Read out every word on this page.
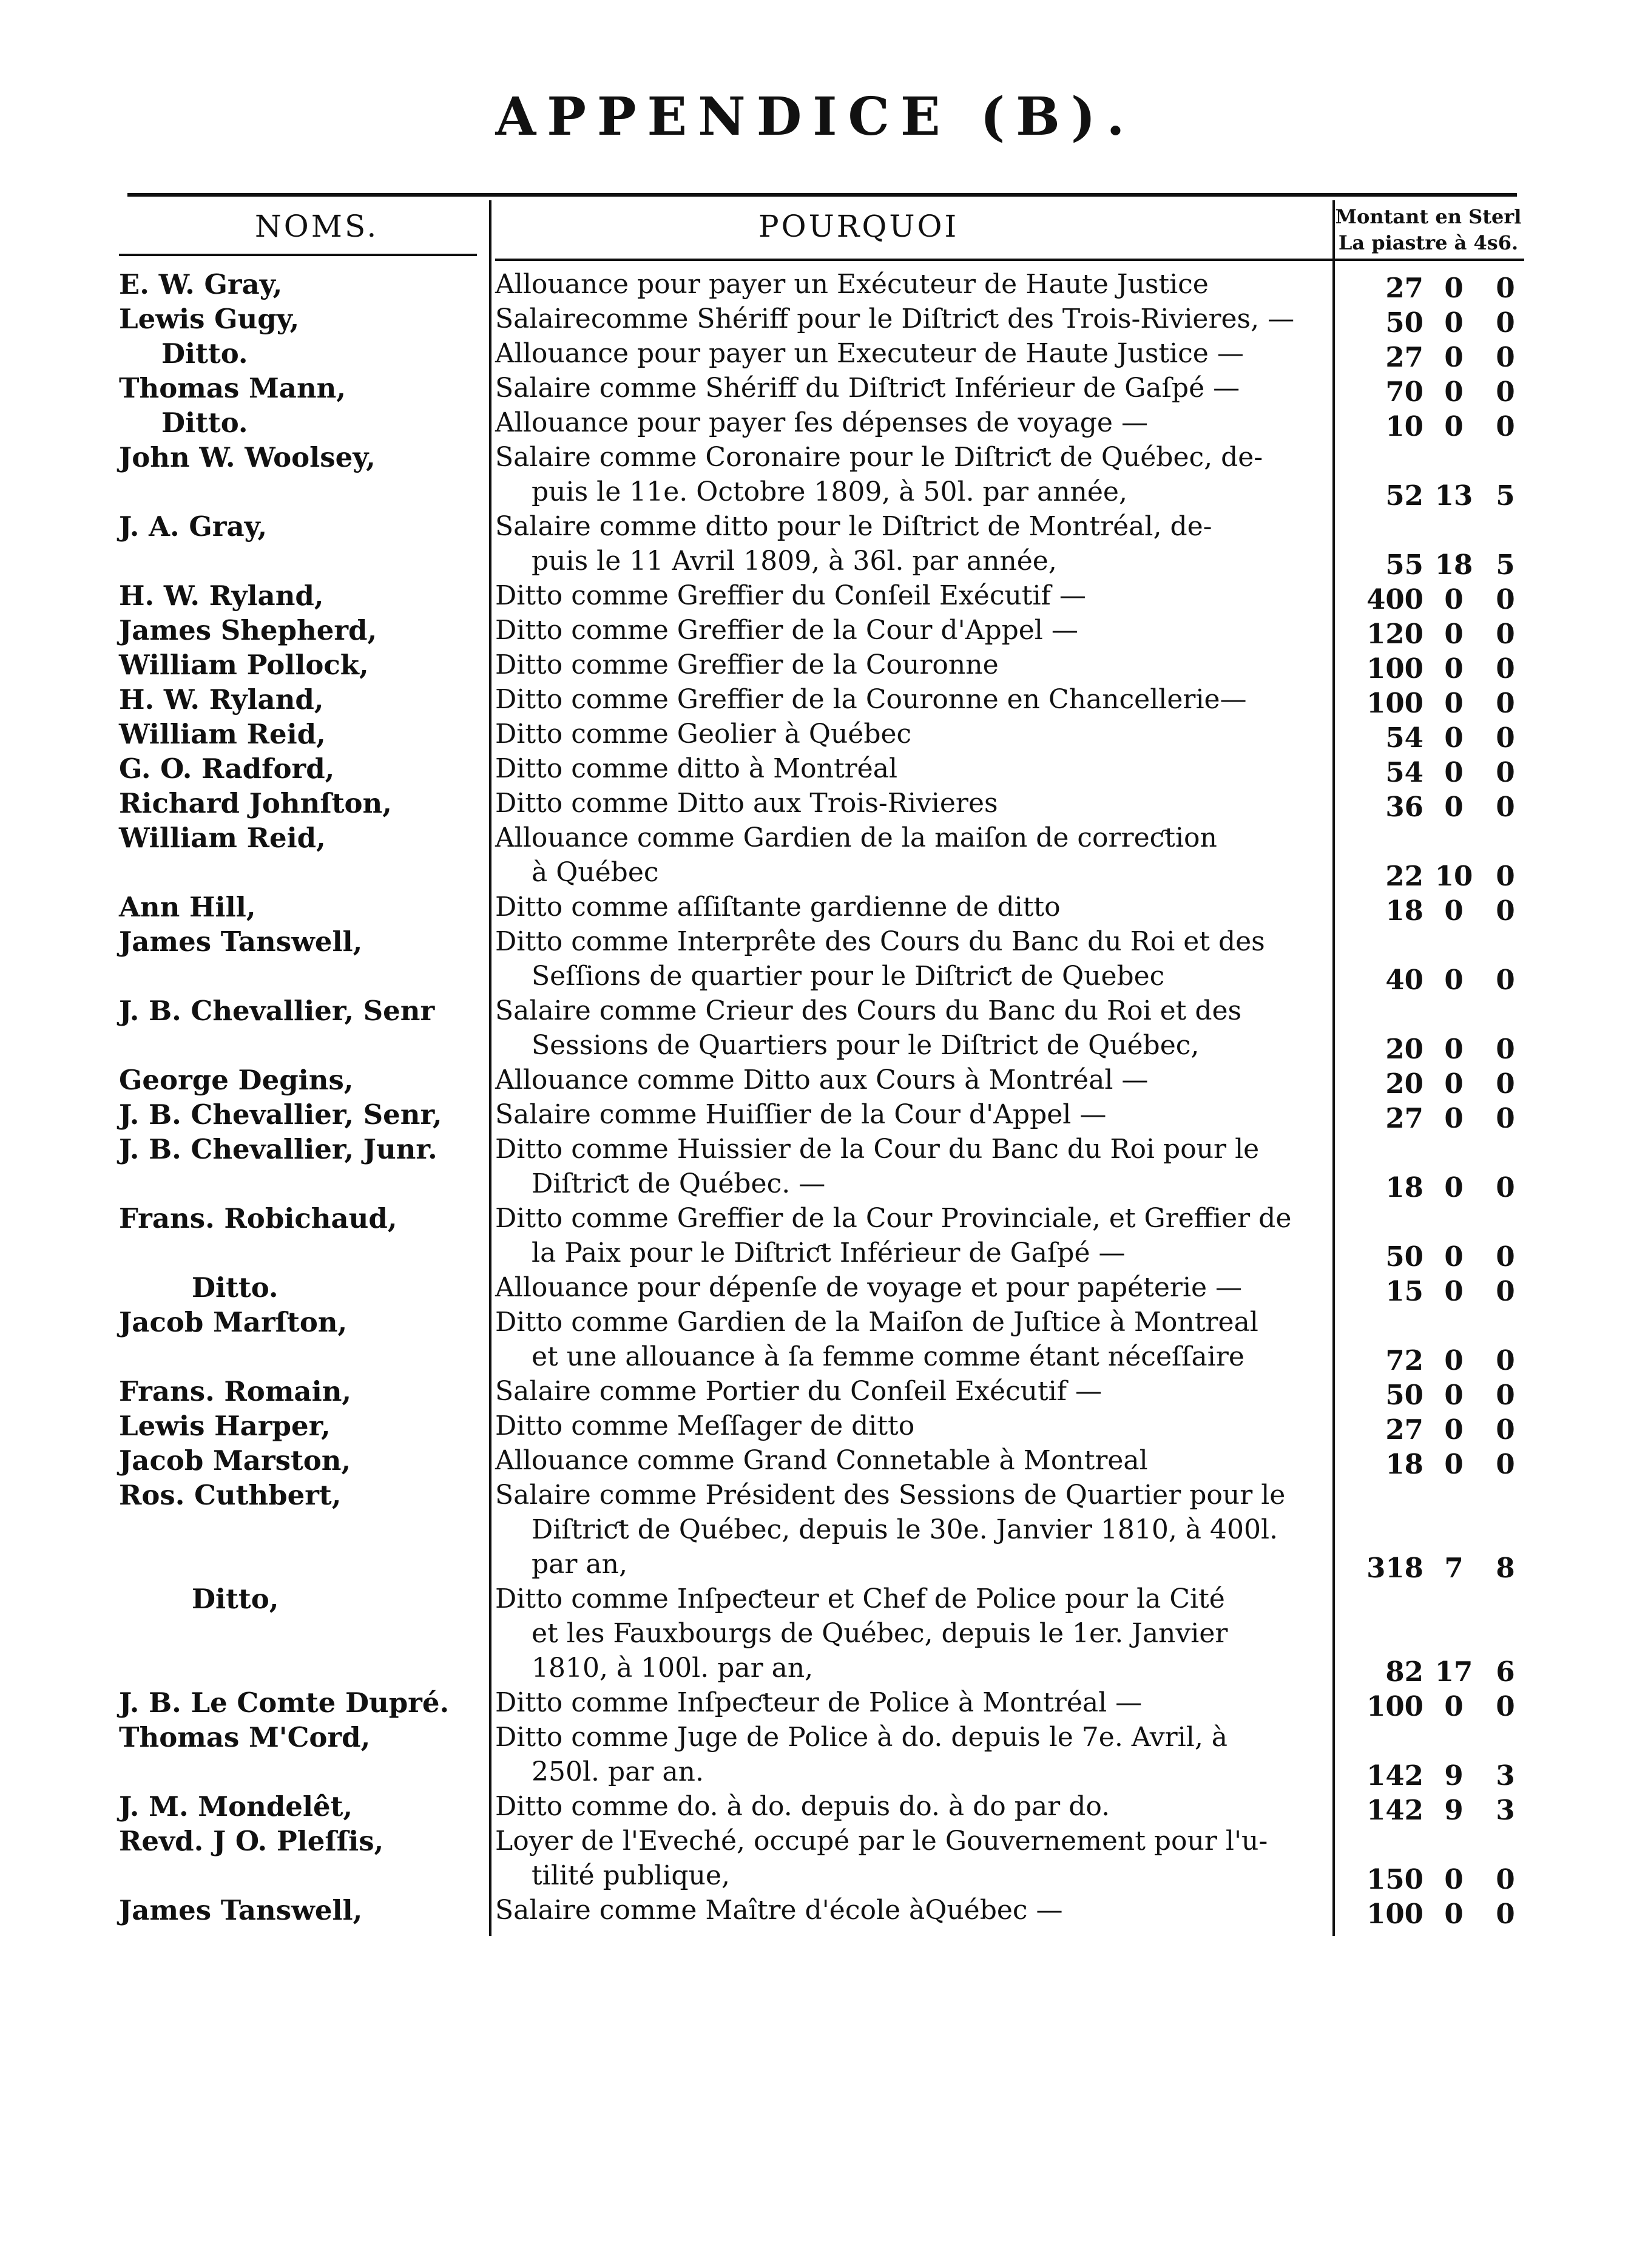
APPENDICE (B).
NOMS.	POURQUOI	Montant en Sterl
La piastre à 4s6.
E. W. Gray,	Allouance pour payer un Exécuteur de Haute Justice	27 0	0
Lewis Gugy,	Salairecomme Shériff pour le Diſtriƈt des Trois-Rivieres, —	50 0	0
Ditto.	Allouance pour payer un Executeur de Haute Justice —	27 0	0
Thomas Mann,	Salaire comme Shériff du Diſtriƈt Inférieur de Gaſpé —	70 0	0
Ditto.	Allouance pour payer ſes dépenses de voyage —	10 0	0
John W. Woolsey,	Salaire comme Coronaire pour le Diſtriƈt de Québec, de-
puis le 11e. Octobre 1809, à 50l. par année,	52 13 5
J. A. Gray,	Salaire comme ditto pour le Diſtrict de Montréal, de-
puis le 11 Avril 1809, à 36l. par année,	55 18 5
H. W. Ryland,	Ditto comme Greffier du Conſeil Exécutif —	400 0	0
James Shepherd,	Ditto comme Greffier de la Cour d'Appel —	120 0	0
William Pollock,	Ditto comme Greffier de la Couronne	100 0	0
H. W. Ryland,	Ditto comme Greffier de la Couronne en Chancellerie—	100 0	0
William Reid,	Ditto comme Geolier à Québec	54 0	0
G. O. Radford,	Ditto comme ditto à Montréal	54 0	0
Richard Johnſton,	Ditto comme Ditto aux Trois-Rivieres	36 0	0
William Reid,	Allouance comme Gardien de la maiſon de correƈtion
à Québec	22 10 0
Ann Hill,	Ditto comme aſſiſtante gardienne de ditto	18 0	0
James Tanswell,	Ditto comme Interprête des Cours du Banc du Roi et des
Seſſions de quartier pour le Diſtriƈt de Quebec	40 0	0
J. B. Chevallier, Senr	Salaire comme Crieur des Cours du Banc du Roi et des
Sessions de Quartiers pour le Diſtrict de Québec,	20 0	0
George Degins,	Allouance comme Ditto aux Cours à Montréal —	20 0	0
J. B. Chevallier, Senr,	Salaire comme Huiſſier de la Cour d'Appel —	27 0	0
J. B. Chevallier, Junr.	Ditto comme Huissier de la Cour du Banc du Roi pour le
Diſtriƈt de Québec. —	18 0	0
Frans. Robichaud,	Ditto comme Greffier de la Cour Provinciale, et Greffier de
la Paix pour le Diſtriƈt Inférieur de Gaſpé —	50 0	0
Ditto.	Allouance pour dépenſe de voyage et pour papéterie —	15 0	0
Jacob Marſton,	Ditto comme Gardien de la Maiſon de Juſtice à Montreal
et une allouance à ſa femme comme étant néceſſaire	72 0	0
Frans. Romain,	Salaire comme Portier du Conſeil Exécutif —	50 0	0
Lewis Harper,	Ditto comme Meſſager de ditto	27 0	0
Jacob Marston,	Allouance comme Grand Connetable à Montreal	18 0	0
Ros. Cuthbert,	Salaire comme Président des Sessions de Quartier pour le
Diſtriƈt de Québec, depuis le 30e. Janvier 1810, à 400l.
par an,	318 7	8
Ditto,	Ditto comme Inſpeƈteur et Chef de Police pour la Cité
et les Fauxbourgs de Québec, depuis le 1er. Janvier
1810, à 100l. par an,	82 17 6
J. B. Le Comte Dupré.	Ditto comme Inſpeƈteur de Police à Montréal —	100 0	0
Thomas M'Cord,	Ditto comme Juge de Police à do. depuis le 7e. Avril, à
250l. par an.	142 9	3
J. M. Mondelêt,	Ditto comme do. à do. depuis do. à do par do.	142 9	3
Revd. J O. Pleſſis,	Loyer de l'Eveché, occupé par le Gouvernement pour l'u-
tilité publique,	150 0	0
James Tanswell,	Salaire comme Maître d'école àQuébec —	100 0	0
